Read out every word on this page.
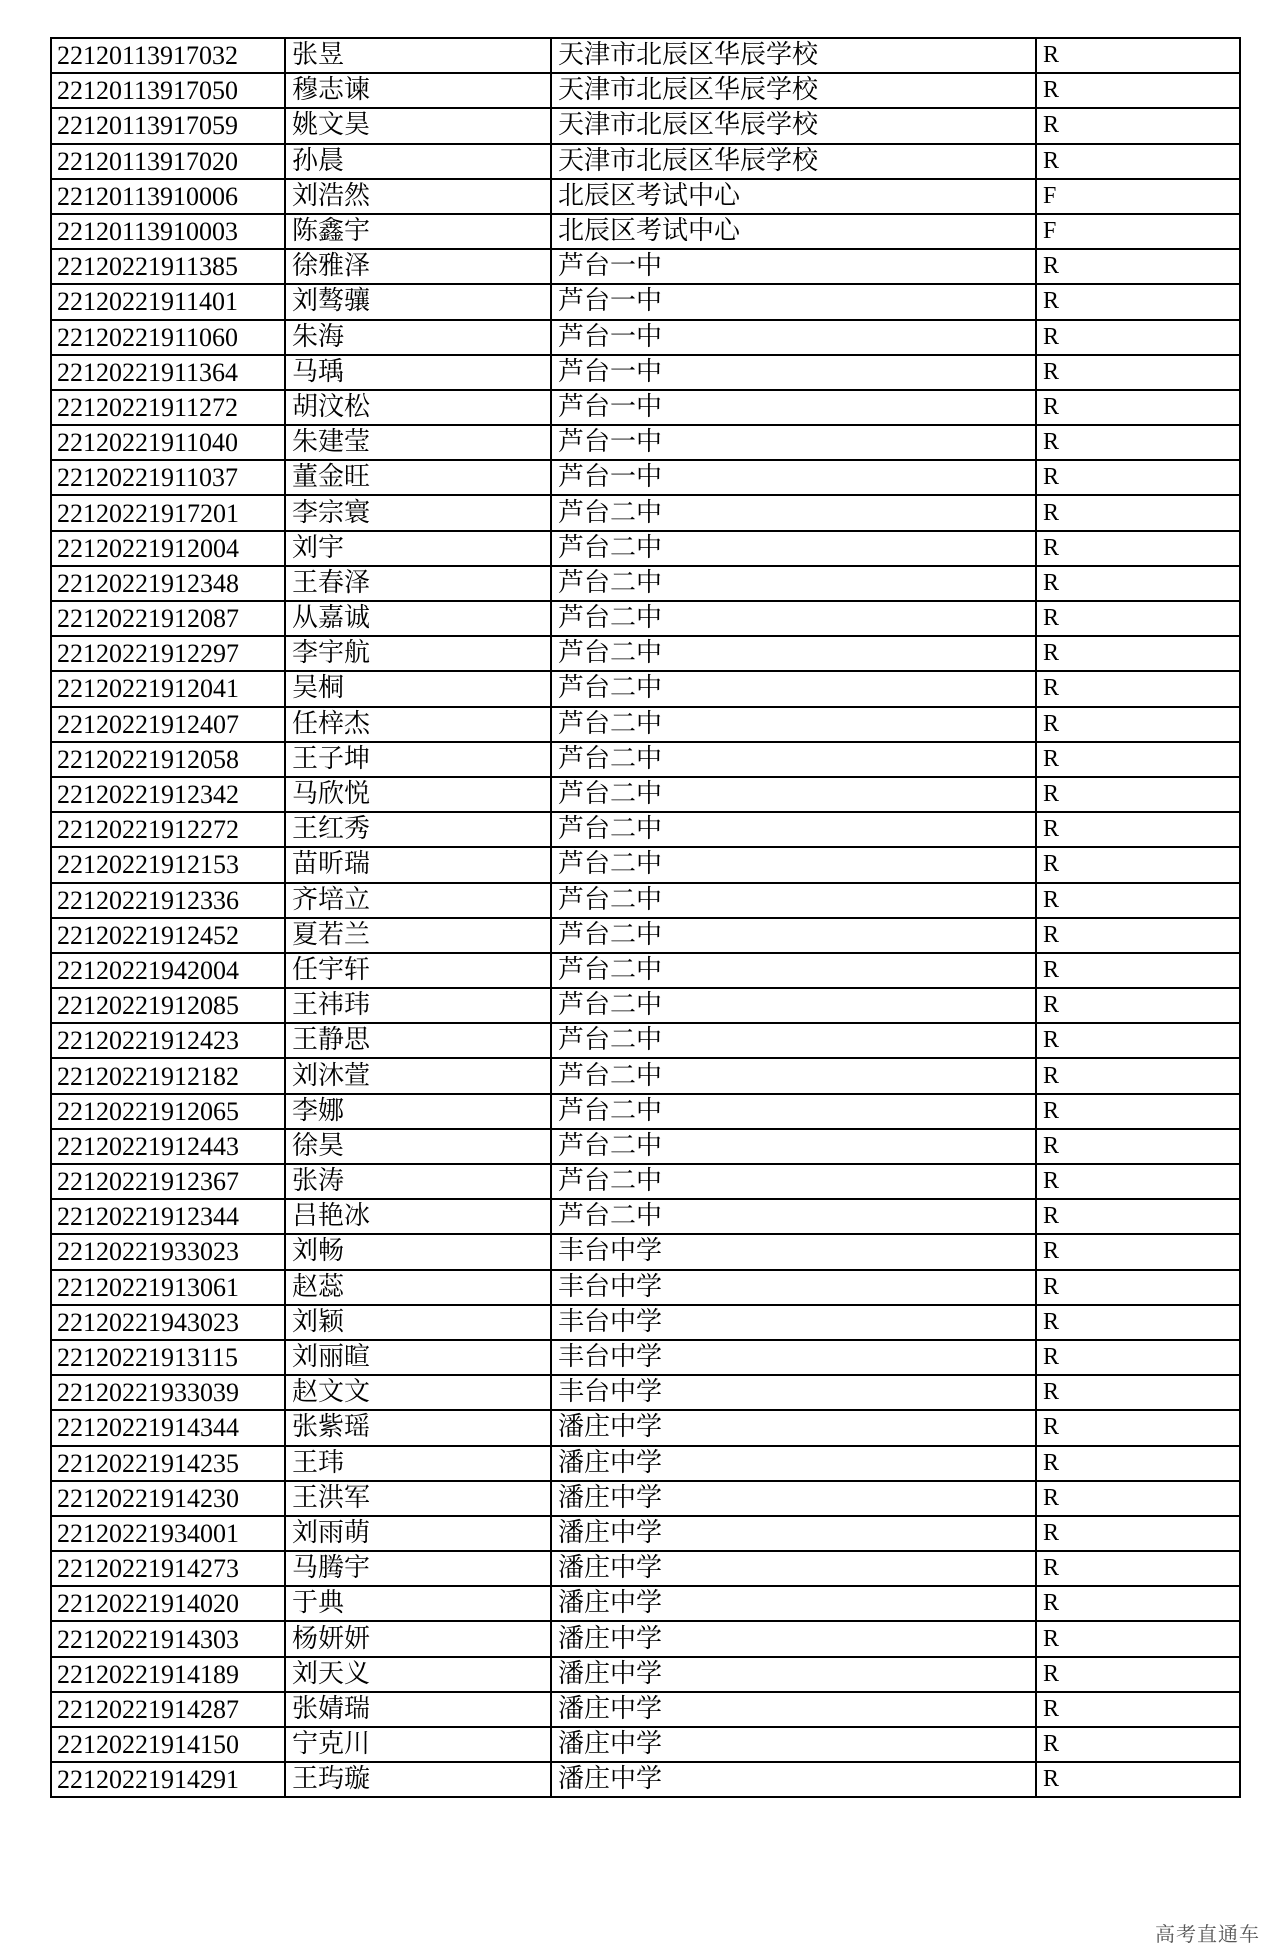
22120113917032	张昱	天津市北辰区华辰学校	R
22120113917050	穆志谏	天津市北辰区华辰学校	R
22120113917059	姚文昊	天津市北辰区华辰学校	R
22120113917020	孙晨	天津市北辰区华辰学校	R
22120113910006	刘浩然	北辰区考试中心	F
22120113910003	陈鑫宇	北辰区考试中心	F
22120221911385	徐雅泽	芦台一中	R
22120221911401	刘骜骧	芦台一中	R
22120221911060	朱海	芦台一中	R
22120221911364	马瑀	芦台一中	R
22120221911272	胡汶松	芦台一中	R
22120221911040	朱建莹	芦台一中	R
22120221911037	董金旺	芦台一中	R
22120221917201	李宗寰	芦台二中	R
22120221912004	刘宇	芦台二中	R
22120221912348	王春泽	芦台二中	R
22120221912087	从嘉诚	芦台二中	R
22120221912297	李宇航	芦台二中	R
22120221912041	吴桐	芦台二中	R
22120221912407	任梓杰	芦台二中	R
22120221912058	王子坤	芦台二中	R
22120221912342	马欣悦	芦台二中	R
22120221912272	王红秀	芦台二中	R
22120221912153	苗昕瑞	芦台二中	R
22120221912336	齐培立	芦台二中	R
22120221912452	夏若兰	芦台二中	R
22120221942004	任宇轩	芦台二中	R
22120221912085	王祎玮	芦台二中	R
22120221912423	王静思	芦台二中	R
22120221912182	刘沐萱	芦台二中	R
22120221912065	李娜	芦台二中	R
22120221912443	徐昊	芦台二中	R
22120221912367	张涛	芦台二中	R
22120221912344	吕艳冰	芦台二中	R
22120221933023	刘畅	丰台中学	R
22120221913061	赵蕊	丰台中学	R
22120221943023	刘颖	丰台中学	R
22120221913115	刘丽暄	丰台中学	R
22120221933039	赵文文	丰台中学	R
22120221914344	张紫瑶	潘庄中学	R
22120221914235	王玮	潘庄中学	R
22120221914230	王洪军	潘庄中学	R
22120221934001	刘雨萌	潘庄中学	R
22120221914273	马腾宇	潘庄中学	R
22120221914020	于典	潘庄中学	R
22120221914303	杨妍妍	潘庄中学	R
22120221914189	刘天义	潘庄中学	R
22120221914287	张婧瑞	潘庄中学	R
22120221914150	宁克川	潘庄中学	R
22120221914291	王玙璇	潘庄中学	R
高考直通车
